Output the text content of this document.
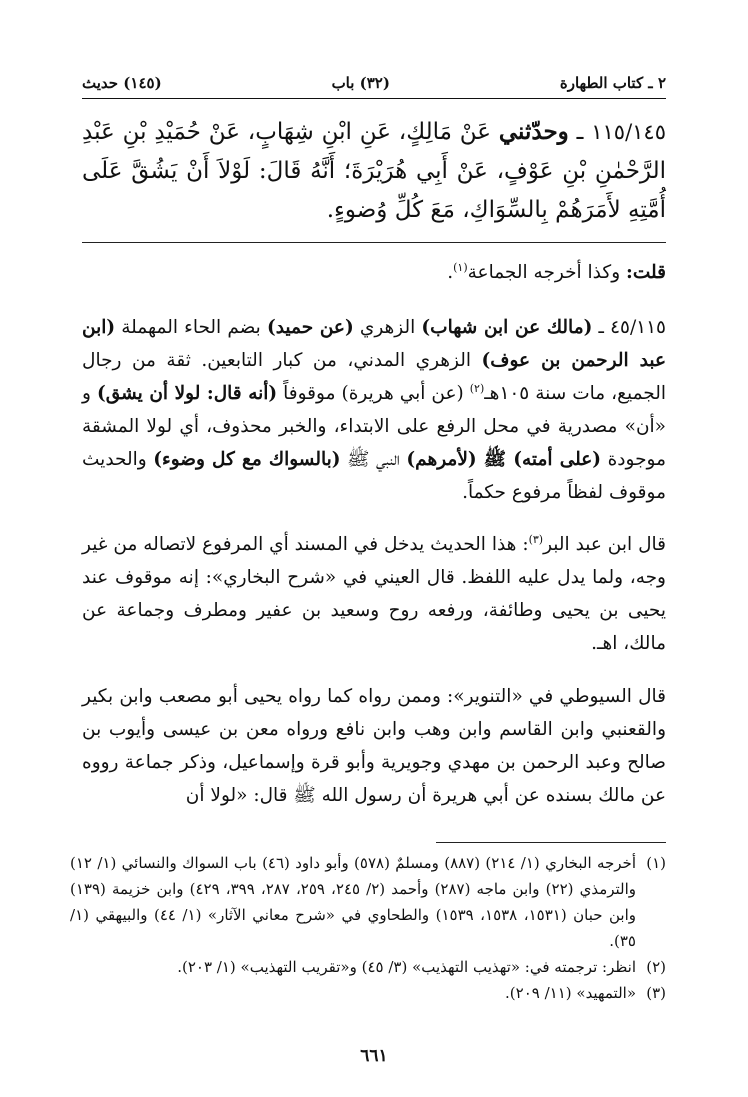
٢ ـ كتاب الطهارة
(٣٢) باب
(١٤٥) حديث
١١٥/١٤٥ ـ وحدّثني عَنْ مَالِكٍ، عَنِ ابْنِ شِهَابٍ، عَنْ حُمَيْدِ بْنِ عَبْدِ الرَّحْمٰنِ بْنِ عَوْفٍ، عَنْ أَبِي هُرَيْرَةَ؛ أَنَّهُ قَالَ: لَوْلاَ أَنْ يَشُقَّ عَلَى أُمَّتِهِ لأَمَرَهُمْ بِالسِّوَاكِ، مَعَ كُلِّ وُضوءٍ.
قلت: وكذا أخرجه الجماعة$^{(١)}$.
٤٥/١١٥ ـ (مالك عن ابن شهاب) الزهري (عن حميد) بضم الحاء المهملة (ابن عبد الرحمن بن عوف) الزهري المدني، من كبار التابعين. ثقة من رجال الجميع، مات سنة ١٠٥هـ$^{(٢)}$ (عن أبي هريرة) موقوفاً (أنه قال: لولا أن يشق) و «أن» مصدرية في محل الرفع على الابتداء، والخبر محذوف، أي لولا المشقة موجودة (على أمته) ﷺ (لأمرهم) النبي ﷺ (بالسواك مع كل وضوء) والحديث موقوف لفظاً مرفوع حكماً.
قال ابن عبد البر$^{(٣)}$: هذا الحديث يدخل في المسند أي المرفوع لاتصاله من غير وجه، ولما يدل عليه اللفظ. قال العيني في «شرح البخاري»: إنه موقوف عند يحيى بن يحيى وطائفة، ورفعه روح وسعيد بن عفير ومطرف وجماعة عن مالك، اهـ.
قال السيوطي في «التنوير»: وممن رواه كما رواه يحيى أبو مصعب وابن بكير والقعنبي وابن القاسم وابن وهب وابن نافع ورواه معن بن عيسى وأيوب بن صالح وعبد الرحمن بن مهدي وجويرية وأبو قرة وإسماعيل، وذكر جماعة رووه عن مالك بسنده عن أبي هريرة أن رسول الله ﷺ قال: «لولا أن

(١)
أخرجه البخاري (١/ ٢١٤) (٨٨٧) ومسلمٌ (٥٧٨) وأبو داود (٤٦) باب السواك والنسائي (١/ ١٢) والترمذي (٢٢) وابن ماجه (٢٨٧) وأحمد (٢/ ٢٤٥، ٢٥٩، ٢٨٧، ٣٩٩، ٤٢٩) وابن خزيمة (١٣٩) وابن حبان (١٥٣١، ١٥٣٨، ١٥٣٩) والطحاوي في «شرح معاني الآثار» (١/ ٤٤) والبيهقي (١/ ٣٥).

(٢)
انظر: ترجمته في: «تهذيب التهذيب» (٣/ ٤٥) و«تقريب التهذيب» (١/ ٢٠٣).

(٣)
«التمهيد» (١١/ ٢٠٩).

٦٦١
